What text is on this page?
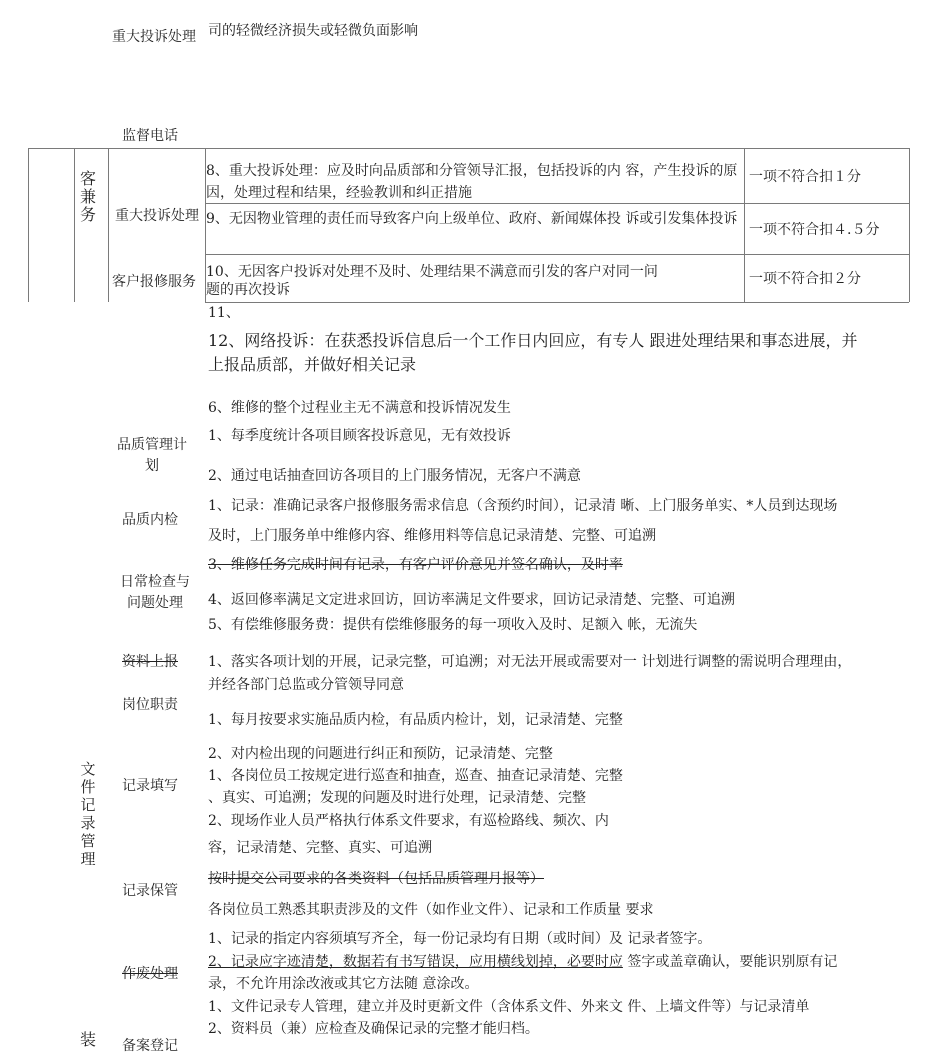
重大投诉处理 司的轻微经济损失或轻微负面影响
监督电话
客
兼
务 重大投诉处理
客户报修服务
8、重大投诉处理：应及时向品质部和分管领导汇报，包括投诉的内 容，产生投诉的原因，处理过程和结果，经验教训和纠正措施
一项不符合扣１分
9、无因物业管理的责任而导致客户向上级单位、政府、新闻媒体投 诉或引发集体投诉
一项不符合扣４.５分
10、无因客户投诉对处理不及时、处理结果不满意而引发的客户对同一问题的再次投诉
一项不符合扣２分
11、
12、网络投诉：在获悉投诉信息后一个工作日内回应，有专人 跟进处理结果和事态进展，并
上报品质部，并做好相关记录
6、维修的整个过程业主无不满意和投诉情况发生
品质管理计
划
1、每季度统计各项目顾客投诉意见，无有效投诉
2、通过电话抽查回访各项目的上门服务情况，无客户不满意
品质内检
1、记录：准确记录客户报修服务需求信息（含预约时间），记录清 晰、上门服务单实、*人员到达现场
及时，上门服务单中维修内容、维修用料等信息记录清楚、完整、可追溯
3、维修任务完成时间有记录，有客户评价意见并签名确认，及时率
日常检查与
问题处理	4、返回修率满足文定进求回访，回访率满足文件要求，回访记录清楚、完整、可追溯
5、有偿维修服务费：提供有偿维修服务的每一项收入及时、足额入 帐，无流失
资料上报 1、落实各项计划的开展，记录完整，可追溯；对无法开展或需要对一 计划进行调整的需说明合理理由，
并经各部门总监或分管领导同意
岗位职责
1、每月按要求实施品质内检，有品质内检计，划，记录清楚、完整
2、对内检出现的问题进行纠正和预防，记录清楚、完整
文
件
记
录
管
理
记录填写
1、各岗位员工按规定进行巡查和抽查，巡查、抽查记录清楚、完整
、真实、可追溯；发现的问题及时进行处理，记录清楚、完整
2、现场作业人员严格执行体系文件要求，有巡检路线、频次、内
容，记录清楚、完整、真实、可追溯
记录保管
按时提交公司要求的各类资料（包括品质管理月报等）
各岗位员工熟悉其职责涉及的文件（如作业文件）、记录和工作质量 要求
1、记录的指定内容须填写齐全，每一份记录均有日期（或时间）及 记录者签字。
作废处理
2、记录应字迹清楚，数据若有书写错误，应用横线划掉，必要时应 签字或盖章确认，要能识别原有记
录，不允许用涂改液或其它方法随 意涂改。
1、文件记录专人管理，建立并及时更新文件（含体系文件、外来文 件、上墙文件等）与记录清单
2、资料员（兼）应检查及确保记录的完整才能归档。
备案登记
装
